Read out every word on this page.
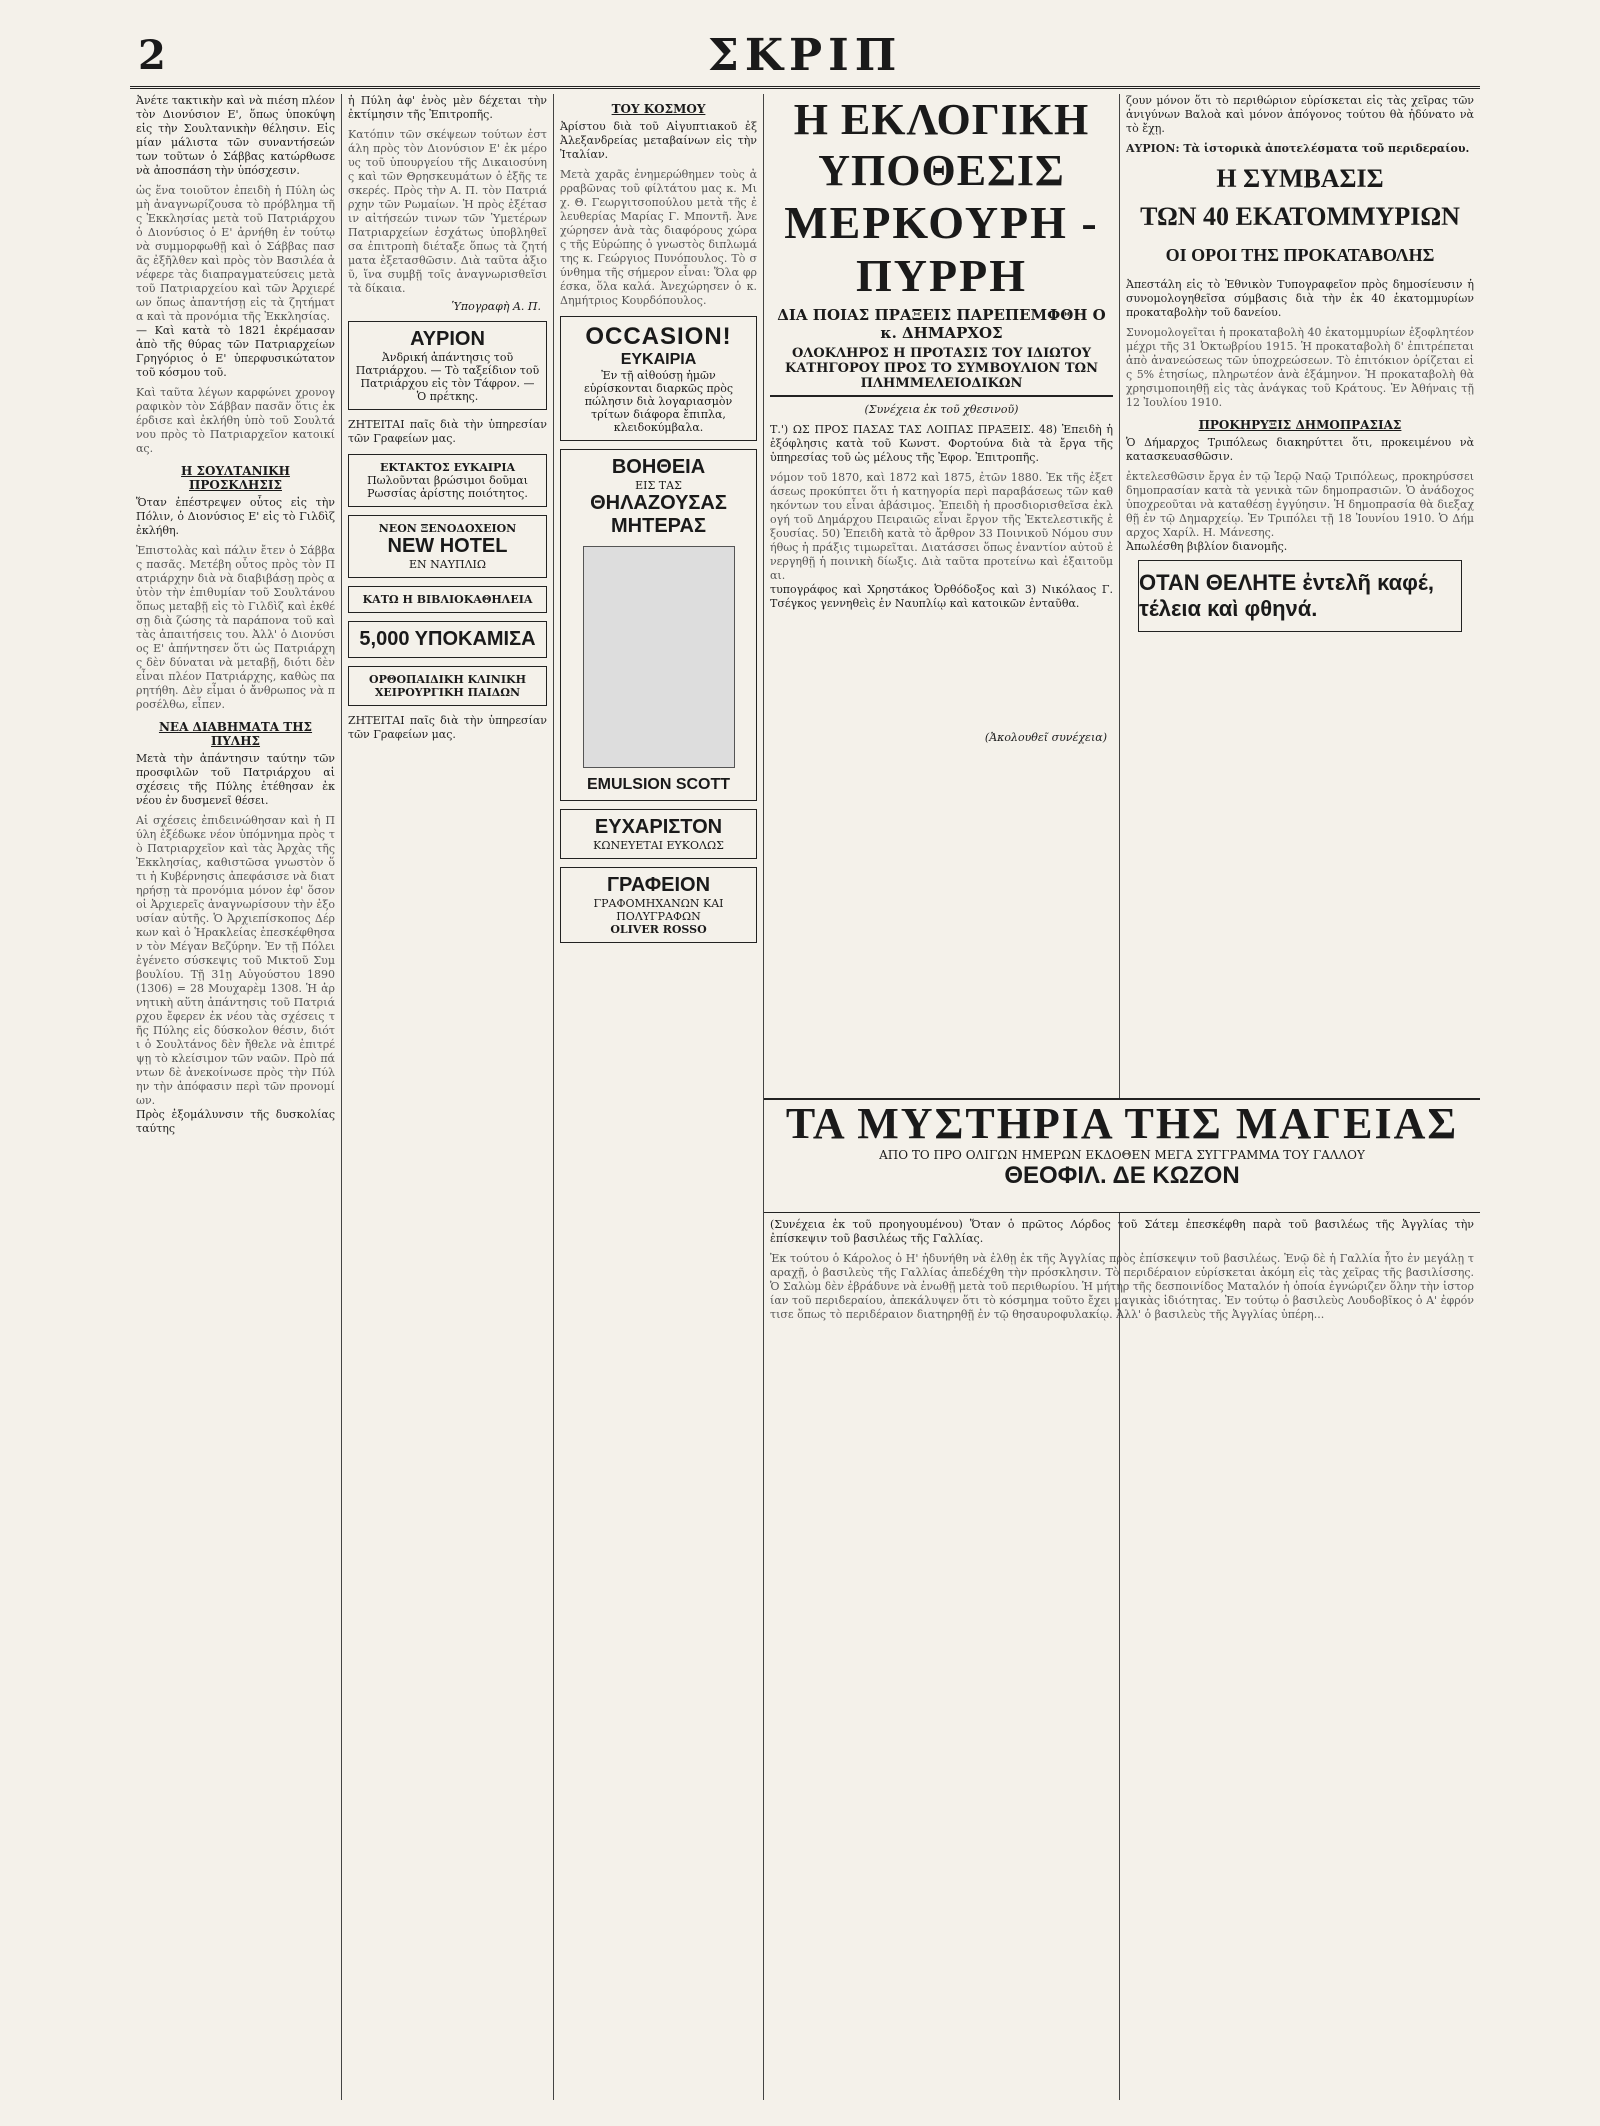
2	ΣΚΡΙΠ

Ἀνέτε τακτικὴν καὶ νὰ πιέση πλέον τὸν Διονύσιον Ε', ὅπως ὑποκύψη εἰς τὴν Σουλτανικὴν θέλησιν. Εἰς μίαν μάλιστα τῶν συναντήσεών των τοῦτων ὁ Σάββας κατώρθωσε νὰ ἀποσπάση τὴν ὑπόσχεσιν.

ὡς ἕνα τοιοῦτον ἐπειδὴ ἡ Πύλη ὡς μὴ ἀναγνωρίζουσα τὸ πρόβλημα τῆς Ἐκκλησίας μετὰ τοῦ Πατριάρχου ὁ Διονύσιος ὁ Ε' ἀρνήθη ἐν τούτῳ νὰ συμμορφωθῇ καὶ ὁ Σάββας πασᾶς ἐξῆλθεν καὶ πρὸς τὸν Βασιλέα ἀνέφερε τὰς διαπραγματεύσεις μετὰ τοῦ Πατριαρχείου καὶ τῶν Ἀρχιερέων ὅπως ἀπαντήσῃ εἰς τὰ ζητήματα καὶ τὰ προνόμια τῆς Ἐκκλησίας.

— Καὶ κατὰ τὸ 1821 ἐκρέμασαν ἀπὸ τῆς θύρας τῶν Πατριαρχείων Γρηγόριος ὁ Ε' ὑπερφυσικώτατον τοῦ κόσμου τοῦ.

Καὶ ταῦτα λέγων καρφώνει χρονογραφικὸν τὸν Σάββαν πασᾶν ὅτις ἐκέρδισε καὶ ἐκλήθη ὑπὸ τοῦ Σουλτάνου πρὸς τὸ Πατριαρχεῖον κατοικίας.

Η ΣΟΥΛΤΑΝΙΚΗ ΠΡΟΣΚΛΗΣΙΣ

Ὅταν ἐπέστρεψεν οὗτος εἰς τὴν Πόλιν, ὁ Διονύσιος Ε' εἰς τὸ Γιλδὶζ ἐκλήθη.

Ἐπιστολὰς καὶ πάλιν ἔτεν ὁ Σάββας πασᾶς. Μετέβη οὗτος πρὸς τὸν Πατριάρχην διὰ νὰ διαβιβάσῃ πρὸς αὐτὸν τὴν ἐπιθυμίαν τοῦ Σουλτάνου ὅπως μεταβῇ εἰς τὸ Γιλδὶζ καὶ ἐκθέσῃ διὰ ζώσης τὰ παράπονα τοῦ καὶ τὰς ἀπαιτήσεις του. Ἀλλ' ὁ Διονύσιος Ε' ἀπήντησεν ὅτι ὡς Πατριάρχης δὲν δύναται νὰ μεταβῇ, διότι δὲν εἶναι πλέον Πατριάρχης, καθὼς παρητήθη. Δὲν εἶμαι ὁ ἄνθρωπος νὰ προσέλθω, εἶπεν.

ΝΕΑ ΔΙΑΒΗΜΑΤΑ ΤΗΣ ΠΥΛΗΣ

Μετὰ τὴν ἀπάντησιν ταύτην τῶν προσφιλῶν τοῦ Πατριάρχου αἱ σχέσεις τῆς Πύλης ἐτέθησαν ἐκ νέου ἐν δυσμενεῖ θέσει.

Αἱ σχέσεις ἐπιδεινώθησαν καὶ ἡ Πύλη ἐξέδωκε νέον ὑπόμνημα πρὸς τὸ Πατριαρχεῖον καὶ τὰς Ἀρχὰς τῆς Ἐκκλησίας, καθιστῶσα γνωστὸν ὅτι ἡ Κυβέρνησις ἀπεφάσισε νὰ διατηρήσῃ τὰ προνόμια μόνον ἐφ' ὅσον οἱ Ἀρχιερεῖς ἀναγνωρίσουν τὴν ἐξουσίαν αὐτῆς. Ὁ Ἀρχιεπίσκοπος Δέρκων καὶ ὁ Ἡρακλείας ἐπεσκέφθησαν τὸν Μέγαν Βεζύρην. Ἐν τῇ Πόλει ἐγένετο σύσκεψις τοῦ Μικτοῦ Συμβουλίου. Τῇ 31ῃ Αὐγούστου 1890 (1306) = 28 Μουχαρὲμ 1308. Ἡ ἀρνητικὴ αὕτη ἀπάντησις τοῦ Πατριάρχου ἔφερεν ἐκ νέου τὰς σχέσεις τῆς Πύλης εἰς δύσκολον θέσιν, διότι ὁ Σουλτάνος δὲν ἤθελε νὰ ἐπιτρέψῃ τὸ κλείσιμον τῶν ναῶν. Πρὸ πάντων δὲ ἀνεκοίνωσε πρὸς τὴν Πύλην τὴν ἀπόφασιν περὶ τῶν προνομίων.

Πρὸς ἐξομάλυνσιν τῆς δυσκολίας ταύτης

ἡ Πύλη ἀφ' ἑνὸς μὲν δέχεται τὴν ἐκτίμησιν τῆς Ἐπιτροπῆς.

Κατόπιν τῶν σκέψεων τούτων ἐστάλη πρὸς τὸν Διονύσιον Ε' ἐκ μέρους τοῦ ὑπουργείου τῆς Δικαιοσύνης καὶ τῶν Θρησκευμάτων ὁ ἑξῆς τεσκερές. Πρὸς τὴν Α. Π. τὸν Πατριάρχην τῶν Ρωμαίων. Ἡ πρὸς ἐξέτασιν αἰτήσεών τινων τῶν Ὑμετέρων Πατριαρχείων ἐσχάτως ὑποβληθεῖσα ἐπιτροπὴ διέταξε ὅπως τὰ ζητήματα ἐξετασθῶσιν. Διὰ ταῦτα ἀξιοῦ, ἵνα συμβῇ τοῖς ἀναγνωρισθεῖσι τὰ δίκαια.

Ὑπογραφὴ Α. Π.

ΑΥΡΙΟΝ
Ἀνδρική ἀπάντησις τοῦ Πατριάρχου. — Τὸ ταξείδιον τοῦ Πατριάρχου εἰς τὸν Τάφρον. — Ὁ πρέτκης.

ΖΗΤΕΙΤΑΙ παῖς διὰ τὴν ὑπηρεσίαν τῶν Γραφείων μας.

ΕΚΤΑΚΤΟΣ ΕΥΚΑΙΡΙΑ
Πωλοῦνται βρώσιμοι δοῦμαι Ρωσσίας ἀρίστης ποιότητος.
ΝΕΟΝ ΞΕΝΟΔΟΧΕΙΟΝ
NEW HOTEL
ΕΝ ΝΑΥΠΛΙΩ
ΚΑΤΩ Η ΒΙΒΛΙΟΚΑΘΗΛΕΙΑ
5,000 ΥΠΟΚΑΜΙΣΑ
ΟΡΘΟΠΑΙΔΙΚΗ ΚΛΙΝΙΚΗ
ΧΕΙΡΟΥΡΓΙΚΗ ΠΑΙΔΩΝ

ΖΗΤΕΙΤΑΙ παῖς διὰ τὴν ὑπηρεσίαν τῶν Γραφείων μας.

ΤΟΥ ΚΟΣΜΟΥ

Ἀρίστου διὰ τοῦ Αἰγυπτιακοῦ ἐξ Ἀλεξανδρείας μεταβαίνων εἰς τὴν Ἰταλίαν.

Μετὰ χαρᾶς ἐνημερώθημεν τοὺς ἀρραβῶνας τοῦ φίλτάτου μας κ. Μιχ. Θ. Γεωργιτσοπούλου μετὰ τῆς ἐλευθερίας Μαρίας Γ. Μποντῆ. Ἀνεχώρησεν ἀνὰ τὰς διαφόρους χώρας τῆς Εὐρώπης ὁ γνωστὸς διπλωμάτης κ. Γεώργιος Πυνόπουλος. Τὸ σύνθημα τῆς σήμερον εἶναι: Ὅλα φρέσκα, ὅλα καλά. Ἀνεχώρησεν ὁ κ. Δημήτριος Κουρδόπουλος.

OCCASION!
ΕΥΚΑΙΡΙΑ
Ἐν τῇ αἰθούσῃ ἡμῶν εὑρίσκονται διαρκῶς πρὸς πώλησιν διὰ λογαριασμὸν τρίτων διάφορα ἔπιπλα, κλειδοκύμβαλα.
ΒΟΗΘΕΙΑ
ΕΙΣ ΤΑΣ
ΘΗΛΑΖΟΥΣΑΣ
ΜΗΤΕΡΑΣ
EMULSION SCOTT
ΕΥΧΑΡΙΣΤΟΝ
ΚΩΝΕΥΕΤΑΙ ΕΥΚΟΛΩΣ
ΓΡΑΦΕΙΟΝ
ΓΡΑΦΟΜΗΧΑΝΩΝ ΚΑΙ ΠΟΛΥΓΡΑΦΩΝ
OLIVER ROSSO
Η ΕΚΛΟΓΙΚΗ ΥΠΟΘΕΣΙΣ
ΜΕΡΚΟΥΡΗ - ΠΥΡΡΗ
ΔΙΑ ΠΟΙΑΣ ΠΡΑΞΕΙΣ ΠΑΡΕΠΕΜΦΘΗ Ο κ. ΔΗΜΑΡΧΟΣ
ΟΛΟΚΛΗΡΟΣ Η ΠΡΟΤΑΣΙΣ ΤΟΥ ΙΔΙΩΤΟΥ ΚΑΤΗΓΟΡΟΥ ΠΡΟΣ ΤΟ ΣΥΜΒΟΥΛΙΟΝ ΤΩΝ ΠΛΗΜΜΕΛΕΙΟΔΙΚΩΝ

(Συνέχεια ἐκ τοῦ χθεσινοῦ)

Τ.') ΩΣ ΠΡΟΣ ΠΑΣΑΣ ΤΑΣ ΛΟΙΠΑΣ ΠΡΑΞΕΙΣ. 48) Ἐπειδὴ ἡ ἐξόφλησις κατὰ τοῦ Κωνστ. Φορτούνα διὰ τὰ ἔργα τῆς ὑπηρεσίας τοῦ ὡς μέλους τῆς Ἐφορ. Ἐπιτροπῆς.

νόμον τοῦ 1870, καὶ 1872 καὶ 1875, ἐτῶν 1880. Ἐκ τῆς ἐξετάσεως προκύπτει ὅτι ἡ κατηγορία περὶ παραβάσεως τῶν καθηκόντων του εἶναι ἀβάσιμος. Ἐπειδὴ ἡ προσδιορισθεῖσα ἐκλογή τοῦ Δημάρχου Πειραιῶς εἶναι ἔργον τῆς Ἐκτελεστικῆς ἐξουσίας. 50) Ἐπειδὴ κατὰ τὸ ἄρθρον 33 Ποινικοῦ Νόμου συνήθως ἡ πράξις τιμωρεῖται. Διατάσσει ὅπως ἐναντίον αὐτοῦ ἐνεργηθῇ ἡ ποινικὴ δίωξις. Διὰ ταῦτα προτείνω καὶ ἐξαιτοῦμαι.

τυπογράφος καὶ Χρηστάκος Ὀρθόδοξος καὶ 3) Νικόλαος Γ. Τσέγκος γεννηθεὶς ἐν Ναυπλίῳ καὶ κατοικῶν ἐνταῦθα.

(Ἀκολουθεῖ συνέχεια)

ζουν μόνον ὅτι τὸ περιθώριον εὑρίσκεται εἰς τὰς χεῖρας τῶν ἀνιγύνων Βαλοὰ καὶ μόνον ἀπόγονος τούτου θὰ ἠδύνατο νὰ τὸ ἔχῃ.

ΑΥΡΙΟΝ: Τὰ ἱστορικὰ ἀποτελέσματα τοῦ περιδεραίου.

Η ΣΥΜΒΑΣΙΣ
ΤΩΝ 40 ΕΚΑΤΟΜΜΥΡΙΩΝ
ΟΙ ΟΡΟΙ ΤΗΣ ΠΡΟΚΑΤΑΒΟΛΗΣ

Ἀπεστάλη εἰς τὸ Ἐθνικὸν Τυπογραφεῖον πρὸς δημοσίευσιν ἡ συνομολογηθεῖσα σύμβασις διὰ τὴν ἐκ 40 ἑκατομμυρίων προκαταβολὴν τοῦ δανείου.

Συνομολογεῖται ἡ προκαταβολὴ 40 ἑκατομμυρίων ἐξοφλητέον μέχρι τῆς 31 Ὀκτωβρίου 1915. Ἡ προκαταβολὴ δ' ἐπιτρέπεται ἀπὸ ἀνανεώσεως τῶν ὑποχρεώσεων. Τὸ ἐπιτόκιον ὁρίζεται εἰς 5% ἐτησίως, πληρωτέον ἀνὰ ἑξάμηνον. Ἡ προκαταβολὴ θὰ χρησιμοποιηθῇ εἰς τὰς ἀνάγκας τοῦ Κράτους. Ἐν Ἀθήναις τῇ 12 Ἰουλίου 1910.

ΠΡΟΚΗΡΥΞΙΣ ΔΗΜΟΠΡΑΣΙΑΣ

Ὁ Δήμαρχος Τριπόλεως διακηρύττει ὅτι, προκειμένου νὰ κατασκευασθῶσιν.

ἐκτελεσθῶσιν ἔργα ἐν τῷ Ἱερῷ Ναῷ Τριπόλεως, προκηρύσσει δημοπρασίαν κατὰ τὰ γενικὰ τῶν δημοπρασιῶν. Ὁ ἀνάδοχος ὑποχρεοῦται νὰ καταθέσῃ ἐγγύησιν. Ἡ δημοπρασία θὰ διεξαχθῇ ἐν τῷ Δημαρχείῳ. Ἐν Τριπόλει τῇ 18 Ἰουνίου 1910. Ὁ Δήμαρχος Χαρίλ. Η. Μάνεσης.

Ἀπωλέσθη βιβλίον διανομῆς.

ΟΤΑΝ ΘΕΛΗΤΕ ἐντελῆ καφέ, τέλεια καὶ φθηνά.
ΤΑ ΜΥΣΤΗΡΙΑ ΤΗΣ ΜΑΓΕΙΑΣ
ΑΠΟ ΤΟ ΠΡΟ ΟΛΙΓΩΝ ΗΜΕΡΩΝ ΕΚΔΟΘΕΝ ΜΕΓΑ ΣΥΓΓΡΑΜΜΑ ΤΟΥ ΓΑΛΛΟΥ
ΘΕΟΦΙΛ. ΔΕ ΚΩΖΟΝ

(Συνέχεια ἐκ τοῦ προηγουμένου) Ὅταν ὁ πρῶτος Λόρδος τοῦ Σάτεμ ἐπεσκέφθη παρὰ τοῦ βασιλέως τῆς Ἀγγλίας τὴν ἐπίσκεψιν τοῦ βασιλέως τῆς Γαλλίας.

Ἐκ τούτου ὁ Κάρολος ὁ Η' ἠδυνήθη νὰ ἐλθῃ ἐκ τῆς Ἀγγλίας πρὸς ἐπίσκεψιν τοῦ βασιλέως. Ἐνῷ δὲ ἡ Γαλλία ἦτο ἐν μεγάλῃ ταραχῇ, ὁ βασιλεὺς τῆς Γαλλίας ἀπεδέχθη τὴν πρόσκλησιν. Τὸ περιδέραιον εὑρίσκεται ἀκόμη εἰς τὰς χεῖρας τῆς βασιλίσσης. Ὁ Σαλὼμ δὲν ἐβράδυνε νὰ ἐνωθῇ μετὰ τοῦ περιθωρίου. Ἡ μήτηρ τῆς δεσποινίδος Ματαλόν ἡ ὁποία ἐγνώριζεν ὅλην τὴν ἱστορίαν τοῦ περιδεραίου, ἀπεκάλυψεν ὅτι τὸ κόσμημα τοῦτο ἔχει μαγικὰς ἰδιότητας. Ἐν τούτῳ ὁ βασιλεὺς Λουδοβῖκος ὁ Α' ἐφρόντισε ὅπως τὸ περιδέραιον διατηρηθῇ ἐν τῷ θησαυροφυλακίῳ. Ἀλλ' ὁ βασιλεὺς τῆς Ἀγγλίας ὑπέρη...
